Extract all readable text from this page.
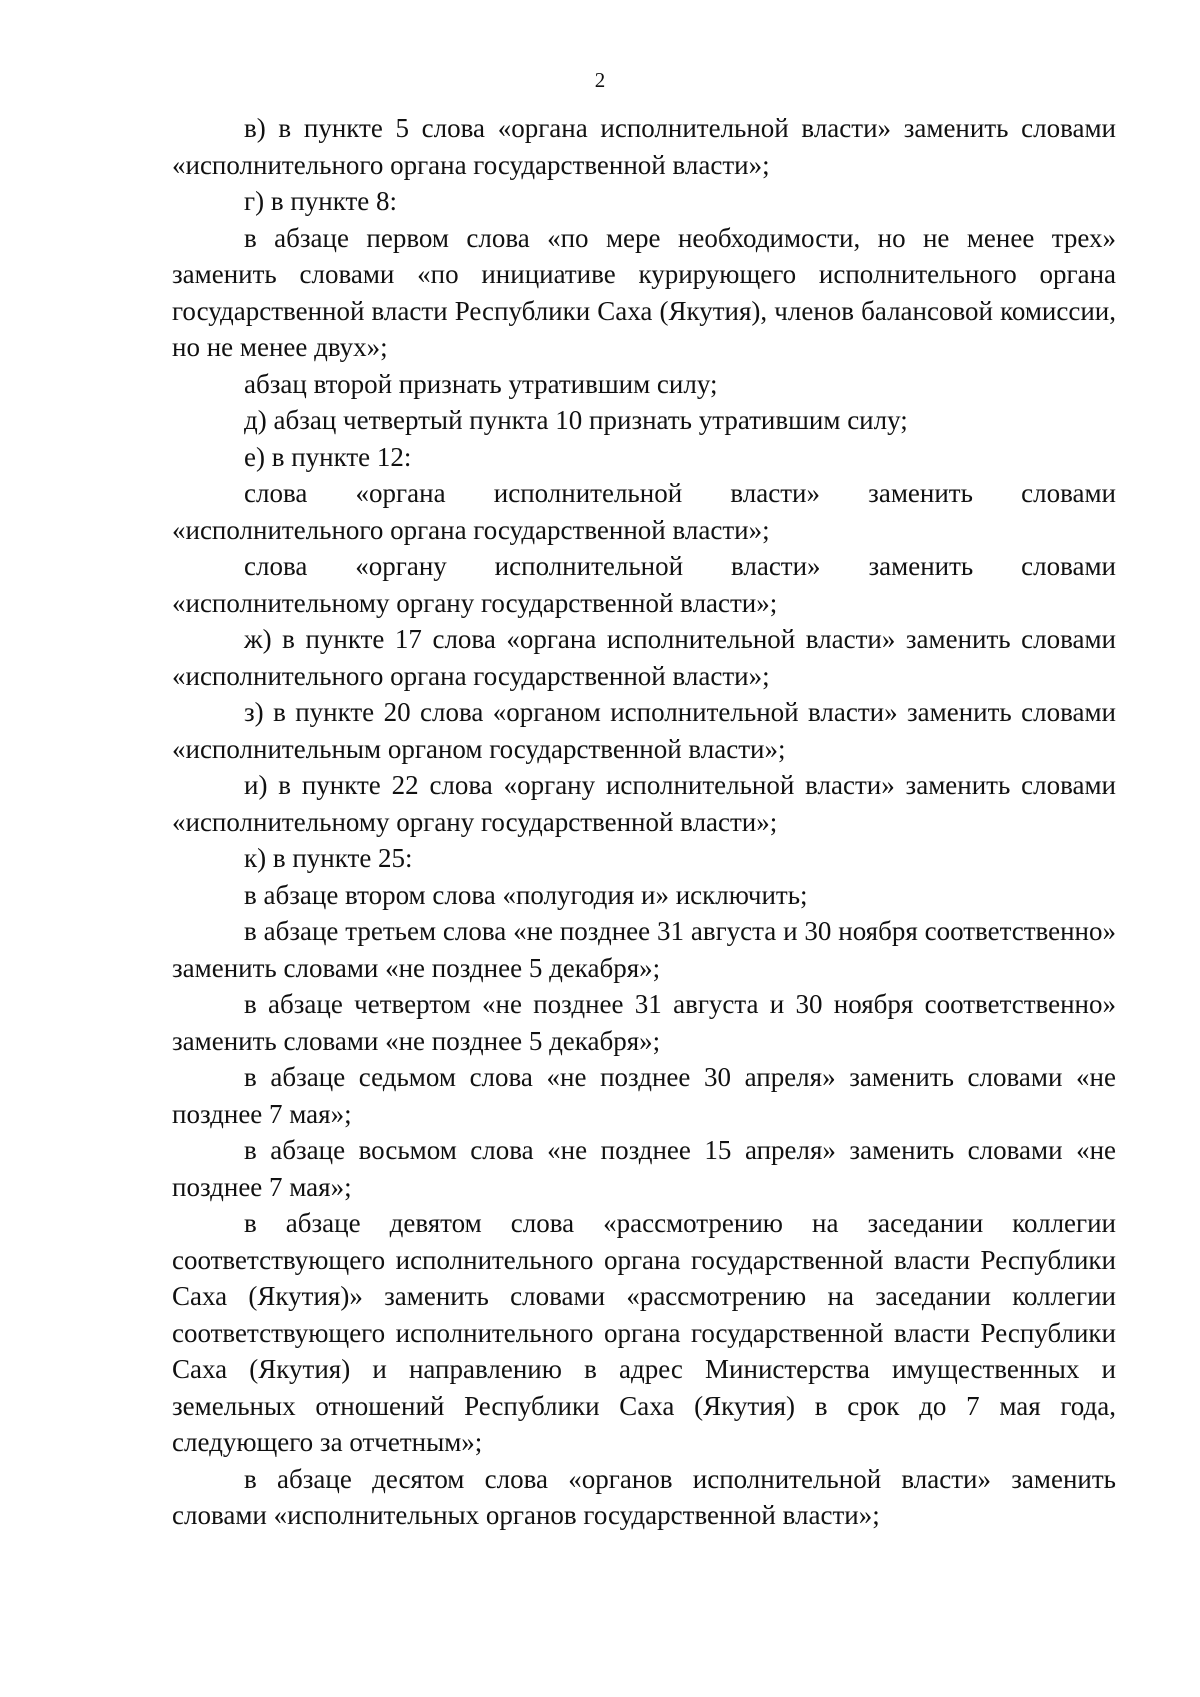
2

в) в пункте 5 слова «органа исполнительной власти» заменить словами «исполнительного органа государственной власти»;

г) в пункте 8:

в абзаце первом слова «по мере необходимости, но не менее трех» заменить словами «по инициативе курирующего исполнительного органа государственной власти Республики Саха (Якутия), членов балансовой комиссии, но не менее двух»;

абзац второй признать утратившим силу;

д) абзац четвертый пункта 10 признать утратившим силу;

е) в пункте 12:

слова «органа исполнительной власти» заменить словами «исполнительного органа государственной власти»;

слова «органу исполнительной власти» заменить словами «исполнительному органу государственной власти»;

ж) в пункте 17 слова «органа исполнительной власти» заменить словами «исполнительного органа государственной власти»;

з) в пункте 20 слова «органом исполнительной власти» заменить словами «исполнительным органом государственной власти»;

и) в пункте 22 слова «органу исполнительной власти» заменить словами «исполнительному органу государственной власти»;

к) в пункте 25:

в абзаце втором слова «полугодия и» исключить;

в абзаце третьем слова «не позднее 31 августа и 30 ноября соответственно» заменить словами «не позднее 5 декабря»;

в абзаце четвертом «не позднее 31 августа и 30 ноября соответственно» заменить словами «не позднее 5 декабря»;

в абзаце седьмом слова «не позднее 30 апреля» заменить словами «не позднее 7 мая»;

в абзаце восьмом слова «не позднее 15 апреля» заменить словами «не позднее 7 мая»;

в абзаце девятом слова «рассмотрению на заседании коллегии соответствующего исполнительного органа государственной власти Республики Саха (Якутия)» заменить словами «рассмотрению на заседании коллегии соответствующего исполнительного органа государственной власти Республики Саха (Якутия) и направлению в адрес Министерства имущественных и земельных отношений Республики Саха (Якутия) в срок до 7 мая года, следующего за отчетным»;

в абзаце десятом слова «органов исполнительной власти» заменить словами «исполнительных органов государственной власти»;
